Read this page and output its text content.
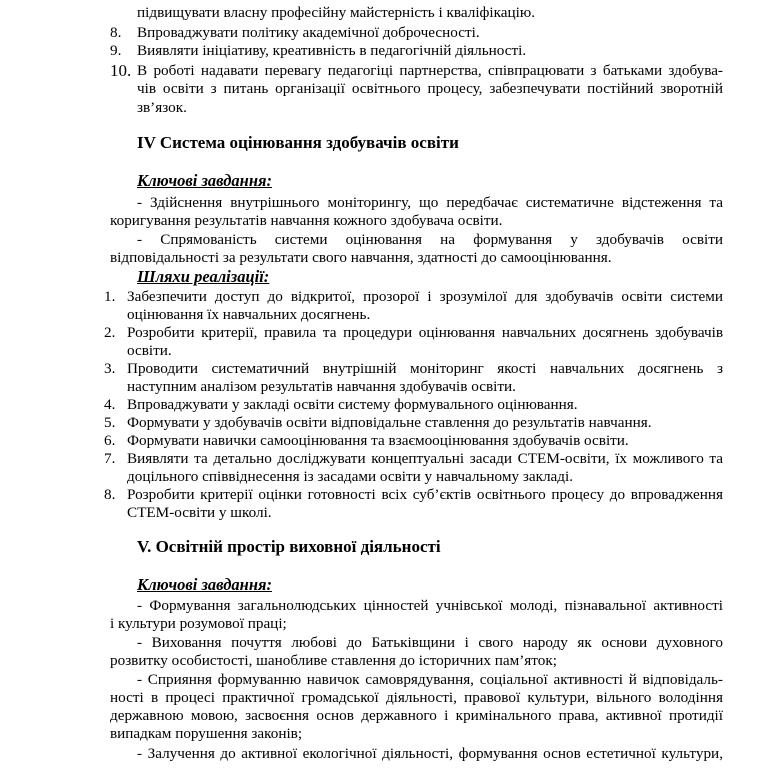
підвищувати власну професійну майстерність і кваліфікацію.
8. Впроваджувати політику академічної доброчесності.
9. Виявляти ініціативу, креативність в педагогічній діяльності.
10. В роботі надавати перевагу педагогіці партнерства, співпрацювати з батьками здобува-
чів освіти з питань організації освітнього процесу, забезпечувати постійний зворотній
зв’язок.
IV Система оцінювання здобувачів освіти
Ключові завдання:
- Здійснення внутрішнього моніторингу, що передбачає систематичне відстеження та
коригування результатів навчання кожного здобувача освіти.
- Спрямованість системи оцінювання на формування у здобувачів освіти
відповідальності за результати свого навчання, здатності до самооцінювання.
Шляхи реалізації:
1. Забезпечити доступ до відкритої, прозорої і зрозумілої для здобувачів освіти системи
оцінювання їх навчальних досягнень.
2. Розробити критерії, правила та процедури оцінювання навчальних досягнень здобувачів
освіти.
3. Проводити систематичний внутрішній моніторинг якості навчальних досягнень з
наступним аналізом результатів навчання здобувачів освіти.
4. Впроваджувати у закладі освіти систему формувального оцінювання.
5. Формувати у здобувачів освіти відповідальне ставлення до результатів навчання.
6. Формувати навички самооцінювання та взаємооцінювання здобувачів освіти.
7. Виявляти та детально досліджувати концептуальні засади СТЕМ-освіти, їх можливого та
доцільного співвіднесення із засадами освіти у навчальному закладі.
8. Розробити критерії оцінки готовності всіх суб’єктів освітнього процесу до впровадження
СТЕМ-освіти у школі.
V. Освітній простір виховної діяльності
Ключові завдання:
- Формування загальнолюдських цінностей учнівської молоді, пізнавальної активності
і культури розумової праці;
- Виховання почуття любові до Батьківщини і свого народу як основи духовного
розвитку особистості, шанобливе ставлення до історичних пам’яток;
- Сприяння формуванню навичок самоврядування, соціальної активності й відповідаль-
ності в процесі практичної громадської діяльності, правової культури, вільного володіння
державною мовою, засвоєння основ державного і кримінального права, активної протидії
випадкам порушення законів;
- Залучення до активної екологічної діяльності, формування основ естетичної культури,
